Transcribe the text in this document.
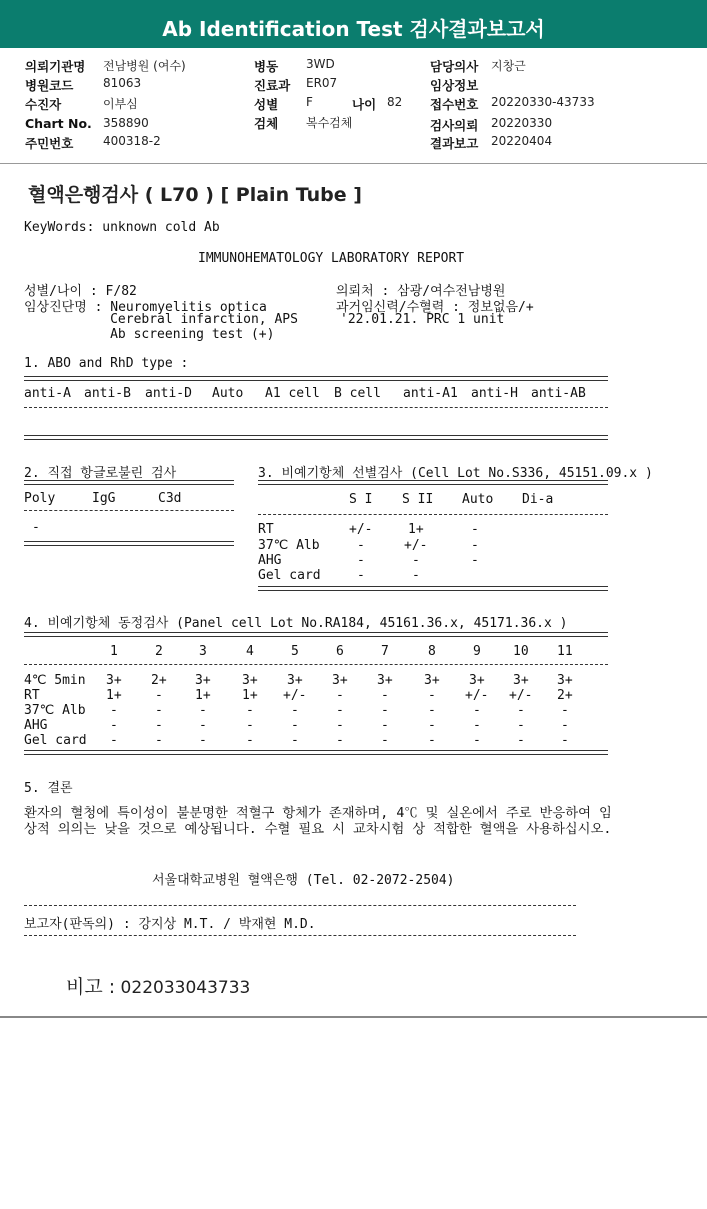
Ab Identification Test 검사결과보고서
의뢰기관명 전남병원 (여수)
병원코드 81063
수진자	이부심
Chart No. 358890
주민번호 400318-2
병동 3WD
진료과 ER07
성별 F	나이 82
검체 복수검체
담당의사 지창근
임상정보
접수번호 20220330-43733
검사의뢰 20220330
결과보고 20220404
혈액은행검사 ( L70 ) [ Plain Tube ]
KeyWords: unknown cold Ab
IMMUNOHEMATOLOGY LABORATORY REPORT
성별/나이 : F/82
임상진단명 : Neuromyelitis optica
Cerebral infarction, APS
Ab screening test (+)
의뢰처 : 삼광/여수전남병원
과거임신력/수혈력 : 정보없음/+
'22.01.21. PRC 1 unit
1. ABO and RhD type :
anti-A anti-B anti-D Auto A1 cell B cell anti-A1 anti-H anti-AB
2. 직접 항글로불린 검사
Poly	IgG	C3d
-
3. 비예기항체 선별검사 (Cell Lot No.S336, 45151.09.x )
S I S II Auto Di-a
RT	+/-	1+	-
37℃ Alb	-	+/-	-
AHG	-	-	-
Gel card	-	-
4. 비예기항체 동정검사 (Panel cell Lot No.RA184, 45161.36.x, 45171.36.x )
1	2	3	4	5	6	7	8	9 10 11
4℃ 5min 3+ 2+ 3+ 3+ 3+ 3+ 3+ 3+ 3+ 3+ 3+
RT	1+	- 1+ 1+ +/- -	-	- +/- +/- 2+
37℃ Alb -	-	-	-	-	-	-	-	-	-	-
AHG	-	-	-	-	-	-	-	-	-	-	-
Gel card -	-	-	-	-	-	-	-	-	-	-
5. 결론
환자의 혈청에 특이성이 불분명한 적혈구 항체가 존재하며, 4℃ 및 실온에서 주로 반응하여 임상적 의의는 낮을 것으로 예상됩니다. 수혈 필요 시 교차시험 상 적합한 혈액을 사용하십시오.
서울대학교병원 혈액은행 (Tel. 02-2072-2504)
보고자(판독의) : 강지상 M.T. / 박재현 M.D.
비고 : 022033043733
